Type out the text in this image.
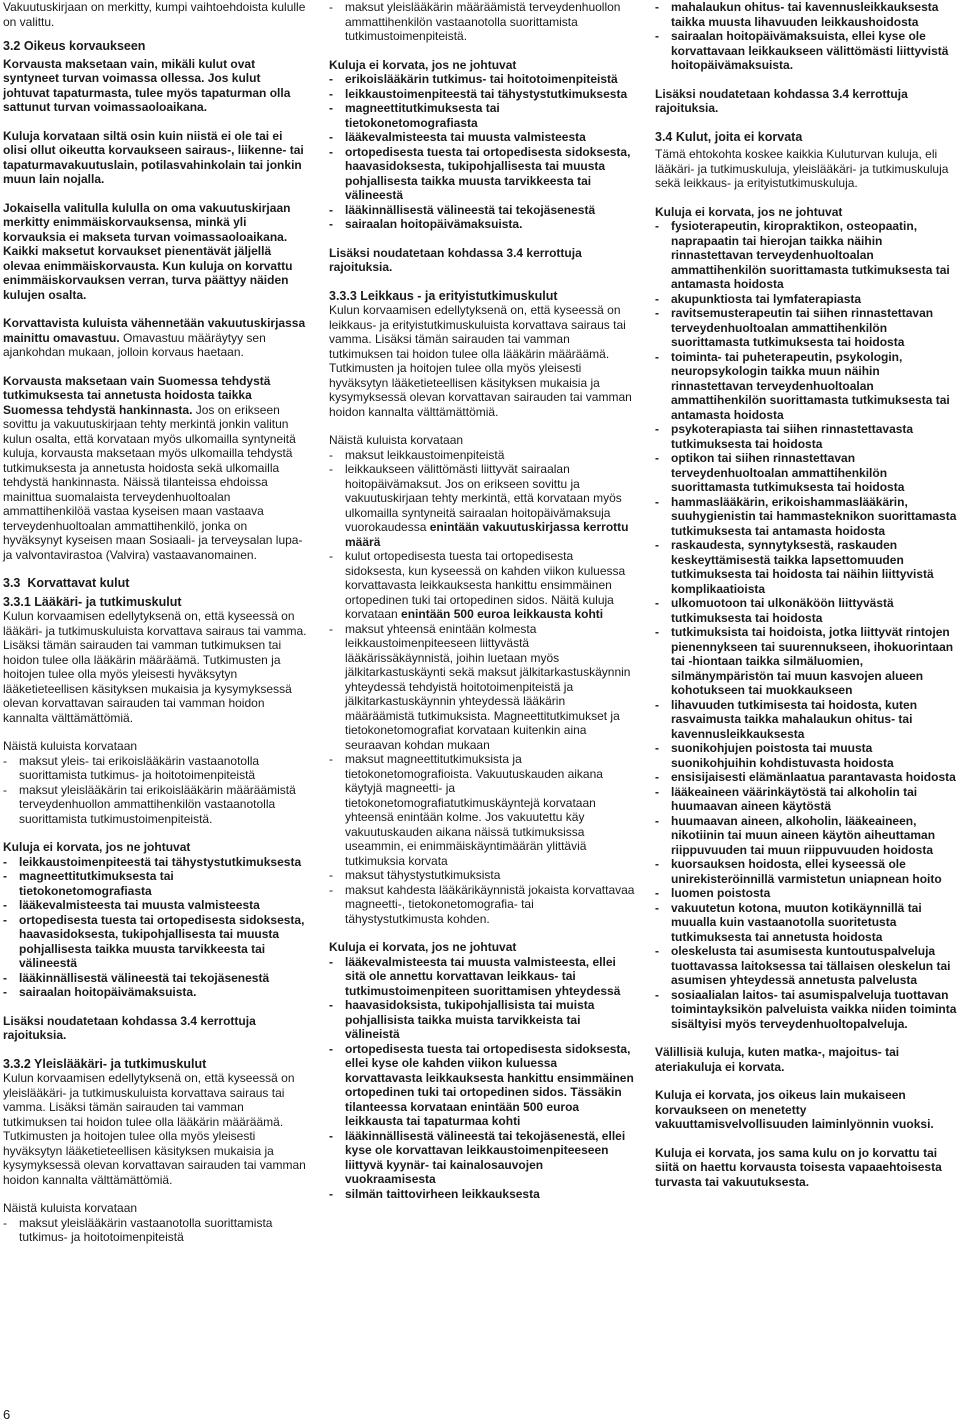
Vakuutuskirjaan on merkitty, kumpi vaihtoehdoista kululle on valittu.

3.2 Oikeus korvaukseen

Korvausta maksetaan vain, mikäli kulut ovat syntyneet turvan voimassa ollessa. Jos kulut johtuvat tapaturmasta, tulee myös tapaturman olla sattunut turvan voimassaoloaikana.

Kuluja korvataan siltä osin kuin niistä ei ole tai ei olisi ollut oikeutta korvaukseen sairaus-, liikenne- tai tapaturmavakuutuslain, potilasvahinkolain tai jonkin muun lain nojalla.

Jokaisella valitulla kululla on oma vakuutuskirjaan merkitty enimmäiskorvauksensa, minkä yli korvauksia ei makseta turvan voimassaoloaikana. Kaikki maksetut korvaukset pienentävät jäljellä olevaa enimmäiskorvausta. Kun kuluja on korvattu enimmäiskorvauksen verran, turva päättyy näiden kulujen osalta.

Korvattavista kuluista vähennetään vakuutuskirjassa mainittu omavastuu. Omavastuu määräytyy sen ajankohdan mukaan, jolloin korvaus haetaan.

Korvausta maksetaan vain Suomessa tehdystä tutkimuksesta tai annetusta hoidosta taikka Suomessa tehdystä hankinnasta. Jos on erikseen sovittu ja vakuutuskirjaan tehty merkintä jonkin valitun kulun osalta, että korvataan myös ulkomailla syntyneitä kuluja, korvausta maksetaan myös ulkomailla tehdystä tutkimuksesta ja annetusta hoidosta sekä ulkomailla tehdystä hankinnasta. Näissä tilanteissa ehdoissa mainittua suomalaista terveydenhuoltoalan ammattihenkilöä vastaa kyseisen maan vastaava terveydenhuoltoalan ammattihenkilö, jonka on hyväksynyt kyseisen maan Sosiaali- ja terveysalan lupa- ja valvontavirastoa (Valvira) vastaavanomainen.

3.3 Korvattavat kulut

3.3.1 Lääkäri- ja tutkimuskulut

Kulun korvaamisen edellytyksenä on, että kyseessä on lääkäri- ja tutkimuskuluista korvattava sairaus tai vamma. Lisäksi tämän sairauden tai vamman tutkimuksen tai hoidon tulee olla lääkärin määräämä. Tutkimusten ja hoitojen tulee olla myös yleisesti hyväksytyn lääketieteellisen käsityksen mukaisia ja kysymyksessä olevan korvattavan sairauden tai vamman hoidon kannalta välttämättömiä.

Näistä kuluista korvataan

- maksut yleis- tai erikoislääkärin vastaanotolla suorittamista tutkimus- ja hoitotoimenpiteistä

- maksut yleislääkärin tai erikoislääkärin määräämistä terveydenhuollon ammattihenkilön vastaanotolla suorittamista tutkimustoimenpiteistä.

Kuluja ei korvata, jos ne johtuvat

- leikkaustoimenpiteestä tai tähystystutkimuksesta

- magneettitutkimuksesta tai tietokonetomografiasta

- lääkevalmisteesta tai muusta valmisteesta

- ortopedisesta tuesta tai ortopedisesta sidoksesta, haavasidoksesta, tukipohjallisesta tai muusta pohjallisesta taikka muusta tarvikkeesta tai välineestä

- lääkinnällisestä välineestä tai tekojäsenestä

- sairaalan hoitopäivämaksuista.

Lisäksi noudatetaan kohdassa 3.4 kerrottuja rajoituksia.

3.3.2 Yleislääkäri- ja tutkimuskulut

Kulun korvaamisen edellytyksenä on, että kyseessä on yleislääkäri- ja tutkimuskuluista korvattava sairaus tai vamma. Lisäksi tämän sairauden tai vamman tutkimuksen tai hoidon tulee olla lääkärin määräämä. Tutkimusten ja hoitojen tulee olla myös yleisesti hyväksytyn lääketieteellisen käsityksen mukaisia ja kysymyksessä olevan korvattavan sairauden tai vamman hoidon kannalta välttämättömiä.

Näistä kuluista korvataan

- maksut yleislääkärin vastaanotolla suorittamista tutkimus- ja hoitotoimenpiteistä

- maksut yleislääkärin määräämistä terveydenhuollon ammattihenkilön vastaanotolla suorittamista tutkimustoimenpiteistä.

Kuluja ei korvata, jos ne johtuvat

- erikoislääkärin tutkimus- tai hoitotoimenpiteistä

- leikkaustoimenpiteestä tai tähystystutkimuksesta

- magneettitutkimuksesta tai tietokonetomografiasta

- lääkevalmisteesta tai muusta valmisteesta

- ortopedisesta tuesta tai ortopedisesta sidoksesta, haavasidoksesta, tukipohjallisesta tai muusta pohjallisesta taikka muusta tarvikkeesta tai välineestä

- lääkinnällisestä välineestä tai tekojäsenestä

- sairaalan hoitopäivämaksuista.

Lisäksi noudatetaan kohdassa 3.4 kerrottuja rajoituksia.

3.3.3 Leikkaus - ja erityistutkimuskulut

Kulun korvaamisen edellytyksenä on, että kyseessä on leikkaus- ja erityistutkimuskuluista korvattava sairaus tai vamma. Lisäksi tämän sairauden tai vamman tutkimuksen tai hoidon tulee olla lääkärin määräämä. Tutkimusten ja hoitojen tulee olla myös yleisesti hyväksytyn lääketieteellisen käsityksen mukaisia ja kysymyksessä olevan korvattavan sairauden tai vamman hoidon kannalta välttämättömiä.

Näistä kuluista korvataan

- maksut leikkaustoimenpiteistä

- leikkaukseen välittömästi liittyvät sairaalan hoitopäivämaksut. Jos on erikseen sovittu ja vakuutuskirjaan tehty merkintä, että korvataan myös ulkomailla syntyneitä sairaalan hoitopäivämaksuja vuorokaudessa enintään vakuutuskirjassa kerrottu määrä

- kulut ortopedisesta tuesta tai ortopedisesta sidoksesta, kun kyseessä on kahden viikon kuluessa korvattavasta leikkauksesta hankittu ensimmäinen ortopedinen tuki tai ortopedinen sidos. Näitä kuluja korvataan enintään 500 euroa leikkausta kohti

- maksut yhteensä enintään kolmesta leikkaustoimenpiteeseen liittyvästä lääkärissäkäynnistä, joihin luetaan myös jälkitarkastuskäynti sekä maksut jälkitarkastuskäynnin yhteydessä tehdyistä hoitotoimenpiteistä ja jälkitarkastuskäynnin yhteydessä lääkärin määräämistä tutkimuksista. Magneettitutkimukset ja tietokonetomografiat korvataan kuitenkin aina seuraavan kohdan mukaan

- maksut magneettitutkimuksista ja tietokonetomografioista. Vakuutuskauden aikana käytyjä magneetti- ja tietokonetomografiatutkimuskäyntejä korvataan yhteensä enintään kolme. Jos vakuutettu käy vakuutuskauden aikana näissä tutkimuksissa useammin, ei enimmäiskäyntimäärän ylittäviä tutkimuksia korvata

- maksut tähystystutkimuksista

- maksut kahdesta lääkärikäynnistä jokaista korvattavaa magneetti-, tietokonetomografia- tai tähystystutkimusta kohden.

Kuluja ei korvata, jos ne johtuvat

- lääkevalmisteesta tai muusta valmisteesta, ellei sitä ole annettu korvattavan leikkaus- tai tutkimustoimenpiteen suorittamisen yhteydessä

- haavasidoksista, tukipohjallisista tai muista pohjallisista taikka muista tarvikkeista tai välineistä

- ortopedisesta tuesta tai ortopedisesta sidoksesta, ellei kyse ole kahden viikon kuluessa korvattavasta leikkauksesta hankittu ensimmäinen ortopedinen tuki tai ortopedinen sidos. Tässäkin tilanteessa korvataan enintään 500 euroa leikkausta tai tapaturmaa kohti

- lääkinnällisestä välineestä tai tekojäsenestä, ellei kyse ole korvattavan leikkaustoimenpiteeseen liittyvä kyynär- tai kainalosauvojen vuokraamisesta

- silmän taittovirheen leikkauksesta

- mahalaukun ohitus- tai kavennusleikkauksesta taikka muusta lihavuuden leikkaushoidosta

- sairaalan hoitopäivämaksuista, ellei kyse ole korvattavaan leikkaukseen välittömästi liittyvistä hoitopäivämaksuista.

Lisäksi noudatetaan kohdassa 3.4 kerrottuja rajoituksia.

3.4 Kulut, joita ei korvata

Tämä ehtokohta koskee kaikkia Kuluturvan kuluja, eli lääkäri- ja tutkimuskuluja, yleislääkäri- ja tutkimuskuluja sekä leikkaus- ja erityistutkimuskuluja.

Kuluja ei korvata, jos ne johtuvat

- fysioterapeutin, kiropraktikon, osteopaatin, naprapaatin tai hierojan taikka näihin rinnastettavan terveydenhuoltoalan ammattihenkilön suorittamasta tutkimuksesta tai antamasta hoidosta

- akupunktiosta tai lymfaterapiasta

- ravitsemusterapeutin tai siihen rinnastettavan terveydenhuoltoalan ammattihenkilön suorittamasta tutkimuksesta tai hoidosta

- toiminta- tai puheterapeutin, psykologin, neuropsykologin taikka muun näihin rinnastettavan terveydenhuoltoalan ammattihenkilön suorittamasta tutkimuksesta tai antamasta hoidosta

- psykoterapiasta tai siihen rinnastettavasta tutkimuksesta tai hoidosta

- optikon tai siihen rinnastettavan terveydenhuoltoalan ammattihenkilön suorittamasta tutkimuksesta tai hoidosta

- hammaslääkärin, erikoishammaslääkärin, suuhygienistin tai hammasteknikon suorittamasta tutkimuksesta tai antamasta hoidosta

- raskaudesta, synnytyksestä, raskauden keskeyttämisestä taikka lapsettomuuden tutkimuksesta tai hoidosta tai näihin liittyvistä komplikaatioista

- ulkomuotoon tai ulkonäköön liittyvästä tutkimuksesta tai hoidosta

- tutkimuksista tai hoidoista, jotka liittyvät rintojen pienennykseen tai suurennukseen, ihokuorintaan tai -hiontaan taikka silmäluomien, silmänympäristön tai muun kasvojen alueen kohotukseen tai muokkaukseen

- lihavuuden tutkimisesta tai hoidosta, kuten rasvaimusta taikka mahalaukun ohitus- tai kavennusleikkauksesta

- suonikohjujen poistosta tai muusta suonikohjuihin kohdistuvasta hoidosta

- ensisijaisesti elämänlaatua parantavasta hoidosta

- lääkeaineen väärinkäytöstä tai alkoholin tai huumaavan aineen käytöstä

- huumaavan aineen, alkoholin, lääkeaineen, nikotiinin tai muun aineen käytön aiheuttaman riippuvuuden tai muun riippuvuuden hoidosta

- kuorsauksen hoidosta, ellei kyseessä ole unirekisteröinnillä varmistetun uniapnean hoito

- luomen poistosta

- vakuutetun kotona, muuton kotikäynnillä tai muualla kuin vastaanotolla suoritetusta tutkimuksesta tai annetusta hoidosta

- oleskelusta tai asumisesta kuntoutuspalveluja tuottavassa laitoksessa tai tällaisen oleskelun tai asumisen yhteydessä annetusta palvelusta

- sosiaalialan laitos- tai asumispalveluja tuottavan toimintayksikön palveluista vaikka niiden toiminta sisältyisi myös terveydenhuoltopalveluja.

Välillisiä kuluja, kuten matka-, majoitus- tai ateriakuluja ei korvata.

Kuluja ei korvata, jos oikeus lain mukaiseen korvaukseen on menetetty vakuuttamisvelvollisuuden laiminlyönnin vuoksi.

Kuluja ei korvata, jos sama kulu on jo korvattu tai siitä on haettu korvausta toisesta vapaaehtoisesta turvasta tai vakuutuksesta.

6
